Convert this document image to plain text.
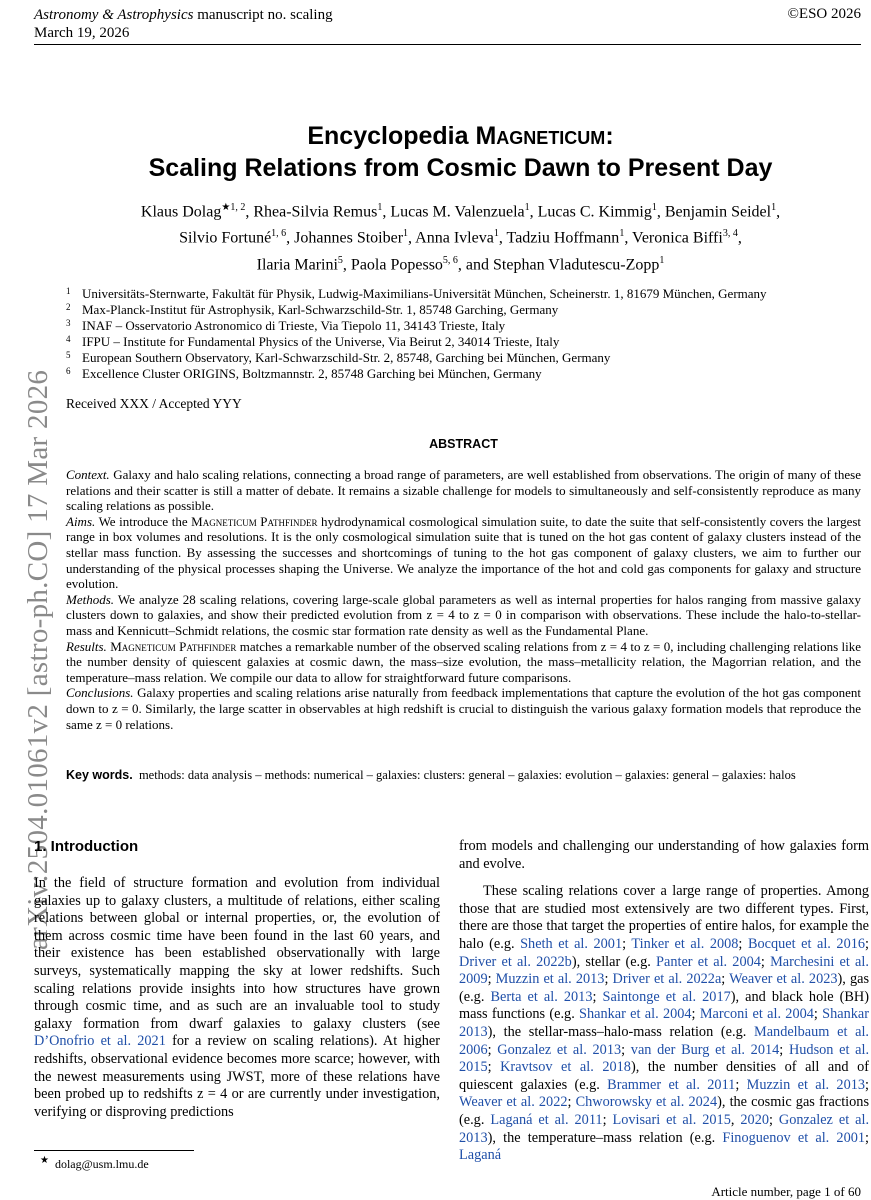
Astronomy & Astrophysics manuscript no. scaling
March 19, 2026
©ESO 2026
arXiv:2504.01061v2 [astro-ph.CO] 17 Mar 2026
Encyclopedia Magneticum:
Scaling Relations from Cosmic Dawn to Present Day
Klaus Dolag$^{★1, 2}$, Rhea-Silvia Remus$^1$, Lucas M. Valenzuela$^1$, Lucas C. Kimmig$^1$, Benjamin Seidel$^1$,
Silvio Fortuné$^{1, 6}$, Johannes Stoiber$^1$, Anna Ivleva$^1$, Tadziu Hoffmann$^1$, Veronica Biffi$^{3, 4}$,
Ilaria Marini$^5$, Paola Popesso$^{5, 6}$, and Stephan Vladutescu-Zopp$^1$
1 Universitäts-Sternwarte, Fakultät für Physik, Ludwig-Maximilians-Universität München, Scheinerstr. 1, 81679 München, Germany
2 Max-Planck-Institut für Astrophysik, Karl-Schwarzschild-Str. 1, 85748 Garching, Germany
3 INAF – Osservatorio Astronomico di Trieste, Via Tiepolo 11, 34143 Trieste, Italy
4 IFPU – Institute for Fundamental Physics of the Universe, Via Beirut 2, 34014 Trieste, Italy
5 European Southern Observatory, Karl-Schwarzschild-Str. 2, 85748, Garching bei München, Germany
6 Excellence Cluster ORIGINS, Boltzmannstr. 2, 85748 Garching bei München, Germany
Received XXX / Accepted YYY
ABSTRACT

Context. Galaxy and halo scaling relations, connecting a broad range of parameters, are well established from observations. The origin of many of these relations and their scatter is still a matter of debate. It remains a sizable challenge for models to simultaneously and self-consistently reproduce as many scaling relations as possible.

Aims. We introduce the Magneticum Pathfinder hydrodynamical cosmological simulation suite, to date the suite that self-consistently covers the largest range in box volumes and resolutions. It is the only cosmological simulation suite that is tuned on the hot gas content of galaxy clusters instead of the stellar mass function. By assessing the successes and shortcomings of tuning to the hot gas component of galaxy clusters, we aim to further our understanding of the physical processes shaping the Universe. We analyze the importance of the hot and cold gas components for galaxy and structure evolution.

Methods. We analyze 28 scaling relations, covering large-scale global parameters as well as internal properties for halos ranging from massive galaxy clusters down to galaxies, and show their predicted evolution from z = 4 to z = 0 in comparison with observations. These include the halo-to-stellar-mass and Kennicutt–Schmidt relations, the cosmic star formation rate density as well as the Fundamental Plane.

Results. Magneticum Pathfinder matches a remarkable number of the observed scaling relations from z = 4 to z = 0, including challenging relations like the number density of quiescent galaxies at cosmic dawn, the mass–size evolution, the mass–metallicity relation, the Magorrian relation, and the temperature–mass relation. We compile our data to allow for straightforward future comparisons.

Conclusions. Galaxy properties and scaling relations arise naturally from feedback implementations that capture the evolution of the hot gas component down to z = 0. Similarly, the large scatter in observables at high redshift is crucial to distinguish the various galaxy formation models that reproduce the same z = 0 relations.

Key words. methods: data analysis – methods: numerical – galaxies: clusters: general – galaxies: evolution – galaxies: general – galaxies: halos
1. Introduction

In the field of structure formation and evolution from individual galaxies up to galaxy clusters, a multitude of relations, either scaling relations between global or internal properties, or, the evolution of them across cosmic time have been found in the last 60 years, and their existence has been established observationally with large surveys, systematically mapping the sky at lower redshifts. Such scaling relations provide insights into how structures have grown through cosmic time, and as such are an invaluable tool to study galaxy formation from dwarf galaxies to galaxy clusters (see D’Onofrio et al. 2021 for a review on scaling relations). At higher redshifts, observational evidence becomes more scarce; however, with the newest measurements using JWST, more of these relations have been probed up to redshifts z = 4 or are currently under investigation, verifying or disproving predictions

from models and challenging our understanding of how galaxies form and evolve.

These scaling relations cover a large range of properties. Among those that are studied most extensively are two different types. First, there are those that target the properties of entire halos, for example the halo (e.g. Sheth et al. 2001; Tinker et al. 2008; Bocquet et al. 2016; Driver et al. 2022b), stellar (e.g. Panter et al. 2004; Marchesini et al. 2009; Muzzin et al. 2013; Driver et al. 2022a; Weaver et al. 2023), gas (e.g. Berta et al. 2013; Saintonge et al. 2017), and black hole (BH) mass functions (e.g. Shankar et al. 2004; Marconi et al. 2004; Shankar 2013), the stellar-mass–halo-mass relation (e.g. Mandelbaum et al. 2006; Gonzalez et al. 2013; van der Burg et al. 2014; Hudson et al. 2015; Kravtsov et al. 2018), the number densities of all and of quiescent galaxies (e.g. Brammer et al. 2011; Muzzin et al. 2013; Weaver et al. 2022; Chworowsky et al. 2024), the cosmic gas fractions (e.g. Laganá et al. 2011; Lovisari et al. 2015, 2020; Gonzalez et al. 2013), the temperature–mass relation (e.g. Finoguenov et al. 2001; Laganá

★ dolag@usm.lmu.de
Article number, page 1 of 60
